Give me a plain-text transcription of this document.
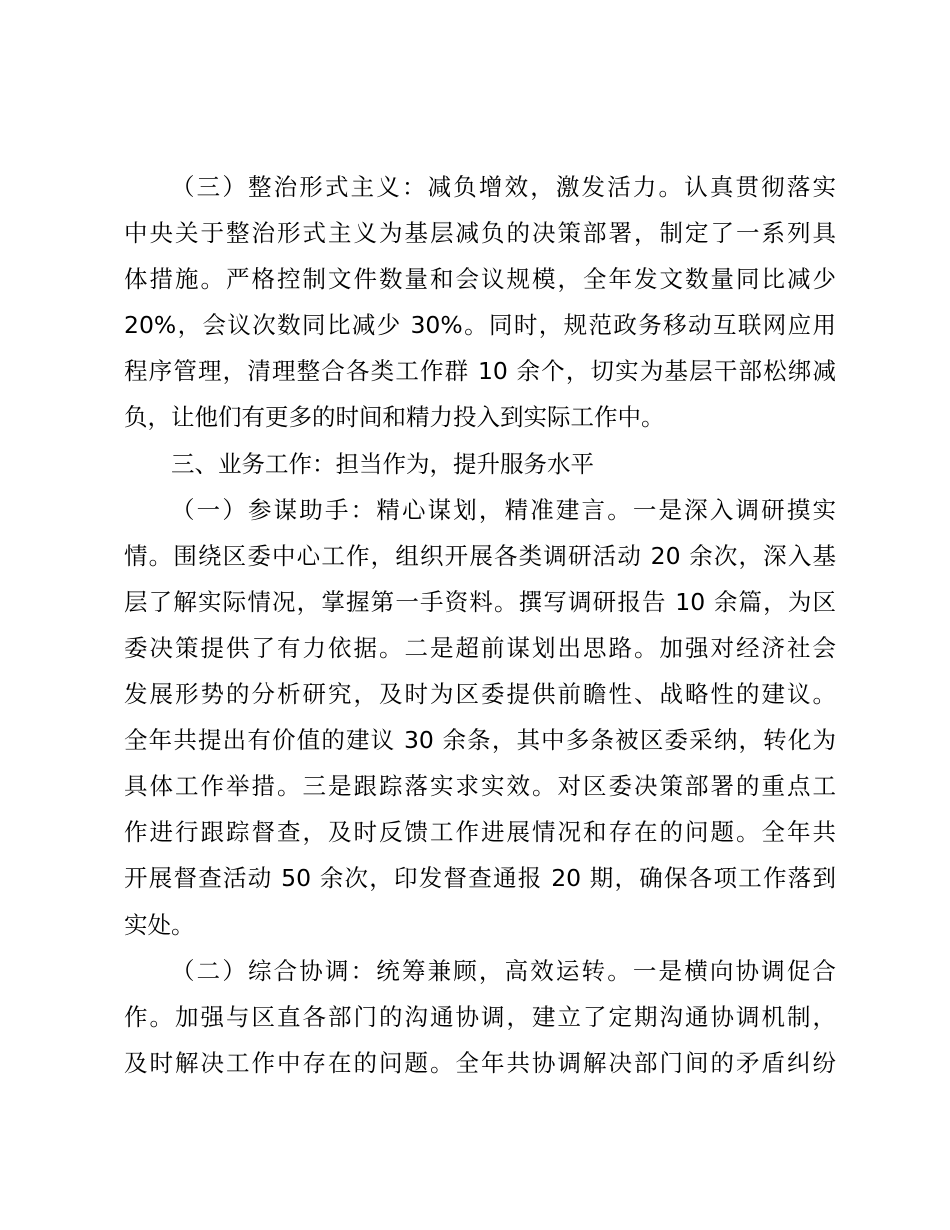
（三）整治形式主义：减负增效，激发活力。认真贯彻落实
中央关于整治形式主义为基层减负的决策部署，制定了一系列具
体措施。严格控制文件数量和会议规模，全年发文数量同比减少
20%，会议次数同比减少 30%。同时，规范政务移动互联网应用
程序管理，清理整合各类工作群 10 余个，切实为基层干部松绑减
负，让他们有更多的时间和精力投入到实际工作中。

三、业务工作：担当作为，提升服务水平

（一）参谋助手：精心谋划，精准建言。一是深入调研摸实
情。围绕区委中心工作，组织开展各类调研活动 20 余次，深入基
层了解实际情况，掌握第一手资料。撰写调研报告 10 余篇，为区
委决策提供了有力依据。二是超前谋划出思路。加强对经济社会
发展形势的分析研究，及时为区委提供前瞻性、战略性的建议。
全年共提出有价值的建议 30 余条，其中多条被区委采纳，转化为
具体工作举措。三是跟踪落实求实效。对区委决策部署的重点工
作进行跟踪督查，及时反馈工作进展情况和存在的问题。全年共
开展督查活动 50 余次，印发督查通报 20 期，确保各项工作落到
实处。

（二）综合协调：统筹兼顾，高效运转。一是横向协调促合
作。加强与区直各部门的沟通协调，建立了定期沟通协调机制，
及时解决工作中存在的问题。全年共协调解决部门间的矛盾纠纷
